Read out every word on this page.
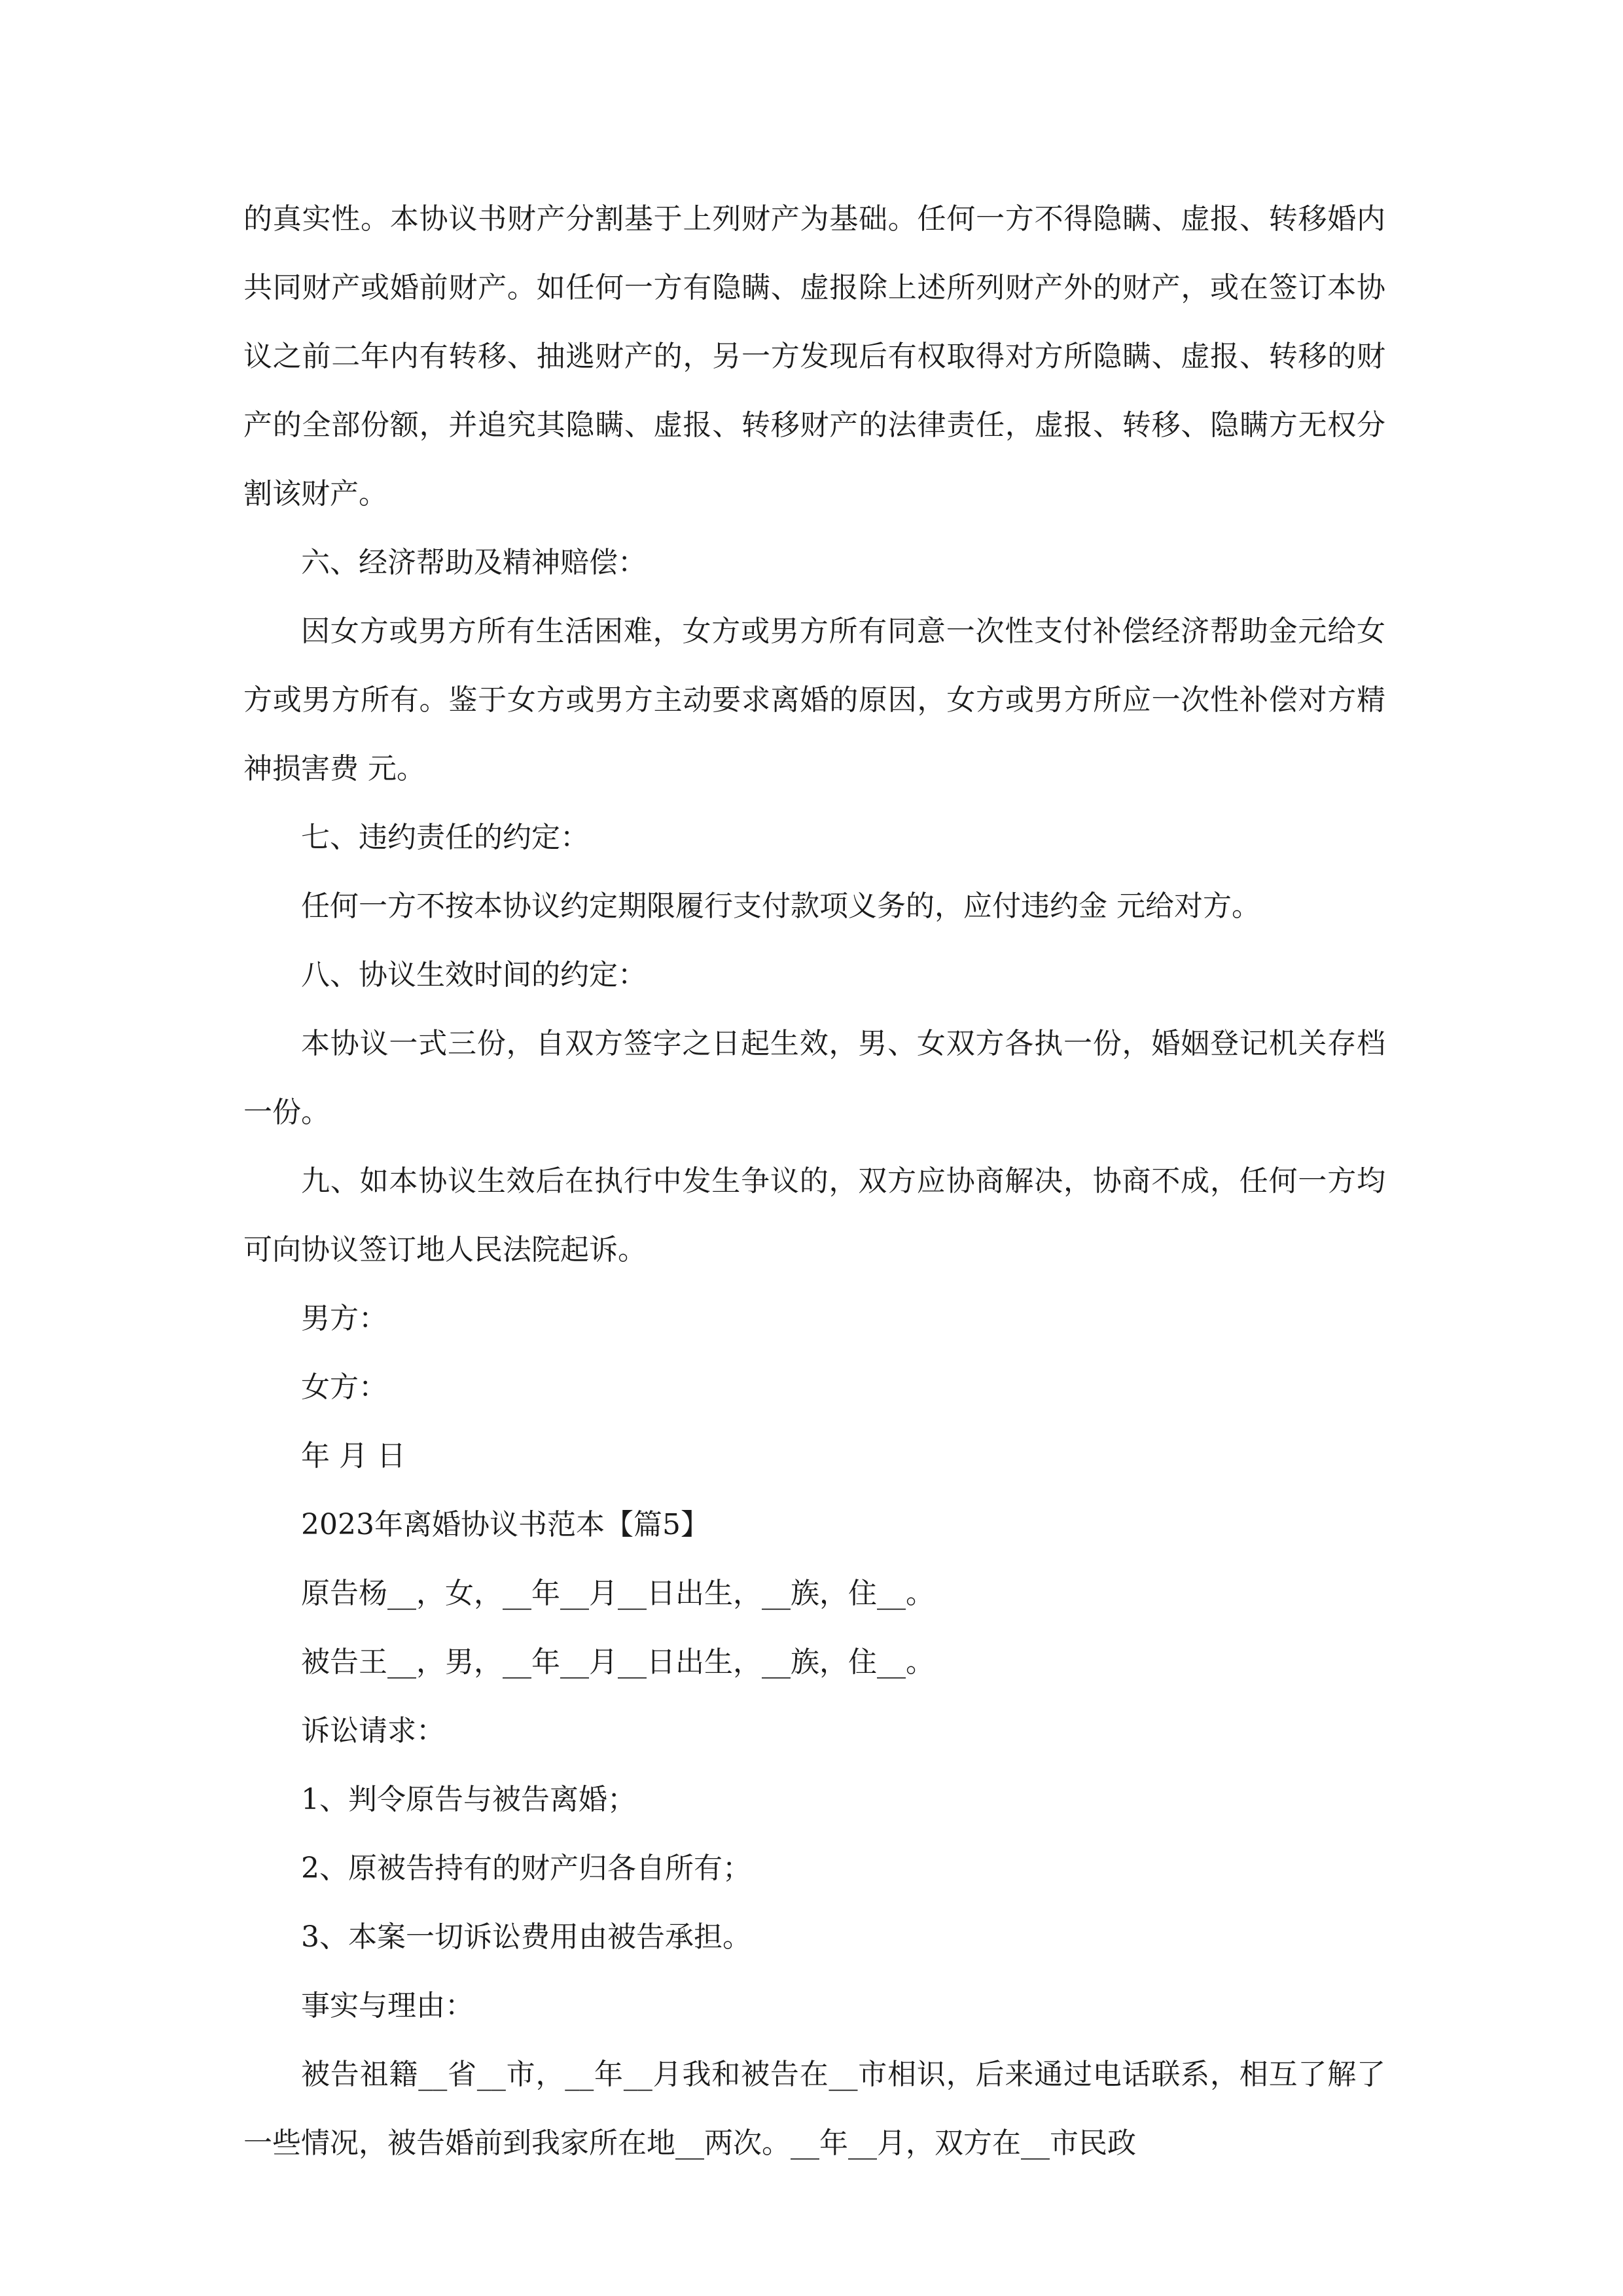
的真实性。本协议书财产分割基于上列财产为基础。任何一方不得隐瞒、虚报、转移婚内共同财产或婚前财产。如任何一方有隐瞒、虚报除上述所列财产外的财产，或在签订本协议之前二年内有转移、抽逃财产的，另一方发现后有权取得对方所隐瞒、虚报、转移的财产的全部份额，并追究其隐瞒、虚报、转移财产的法律责任，虚报、转移、隐瞒方无权分割该财产。

六、经济帮助及精神赔偿：

因女方或男方所有生活困难，女方或男方所有同意一次性支付补偿经济帮助金元给女方或男方所有。鉴于女方或男方主动要求离婚的原因，女方或男方所应一次性补偿对方精神损害费 元。

七、违约责任的约定：

任何一方不按本协议约定期限履行支付款项义务的，应付违约金 元给对方。

八、协议生效时间的约定：

本协议一式三份，自双方签字之日起生效，男、女双方各执一份，婚姻登记机关存档一份。

九、如本协议生效后在执行中发生争议的，双方应协商解决，协商不成，任何一方均可向协议签订地人民法院起诉。

男方：

女方：

年 月 日

2023年离婚协议书范本【篇5】

原告杨__，女，__年__月__日出生，__族，住__。

被告王__，男，__年__月__日出生，__族，住__。

诉讼请求：

1、判令原告与被告离婚；

2、原被告持有的财产归各自所有；

3、本案一切诉讼费用由被告承担。

事实与理由：

被告祖籍__省__市，__年__月我和被告在__市相识，后来通过电话联系，相互了解了一些情况，被告婚前到我家所在地__两次。__年__月，双方在__市民政
